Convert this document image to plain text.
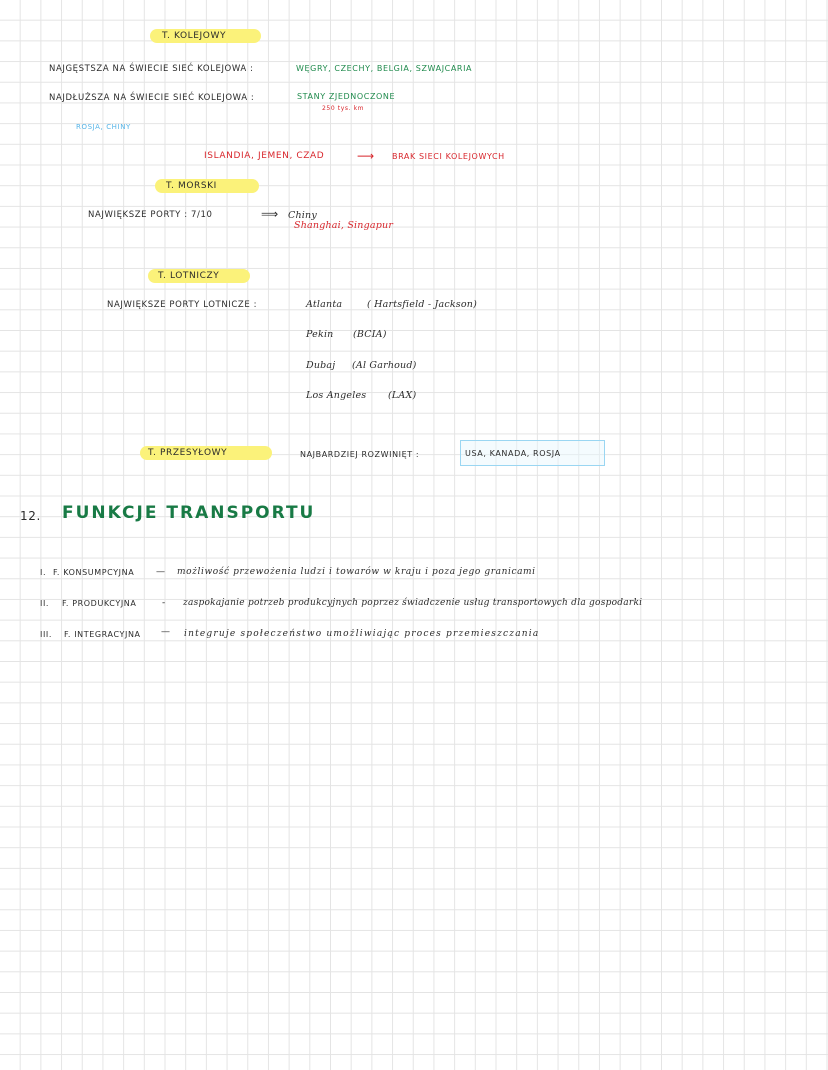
T. KOLEJOWY
NAJGĘSTSZA NA ŚWIECIE SIEĆ KOLEJOWA :	WĘGRY, CZECHY, BELGIA, SZWAJCARIA
NAJDŁUŻSZA NA ŚWIECIE SIEĆ KOLEJOWA :	STANY ZJEDNOCZONE
250 tys. km
ROSJA, CHINY
ISLANDIA, JEMEN, CZAD	⟶ BRAK SIECI KOLEJOWYCH
T. MORSKI
NAJWIĘKSZE PORTY : 7/10	⟹ Chiny
Shanghai, Singapur
T. LOTNICZY
NAJWIĘKSZE PORTY LOTNICZE :	Atlanta	( Hartsfield - Jackson)
Pekin (BCIA)
Dubaj (Al Garhoud)
Los Angeles (LAX)
T. PRZESYŁOWY	NAJBARDZIEJ ROZWINIĘT :	USA, KANADA, ROSJA
12. FUNKCJE TRANSPORTU
I. F. KONSUMPCYJNA — możliwość przewożenia ludzi i towarów w kraju i poza jego granicami
II. F. PRODUKCYJNA	- zaspokajanie potrzeb produkcyjnych poprzez świadczenie usług transportowych dla gospodarki
III. F. INTEGRACYJNA — integruje społeczeństwo umożliwiając proces przemieszczania
